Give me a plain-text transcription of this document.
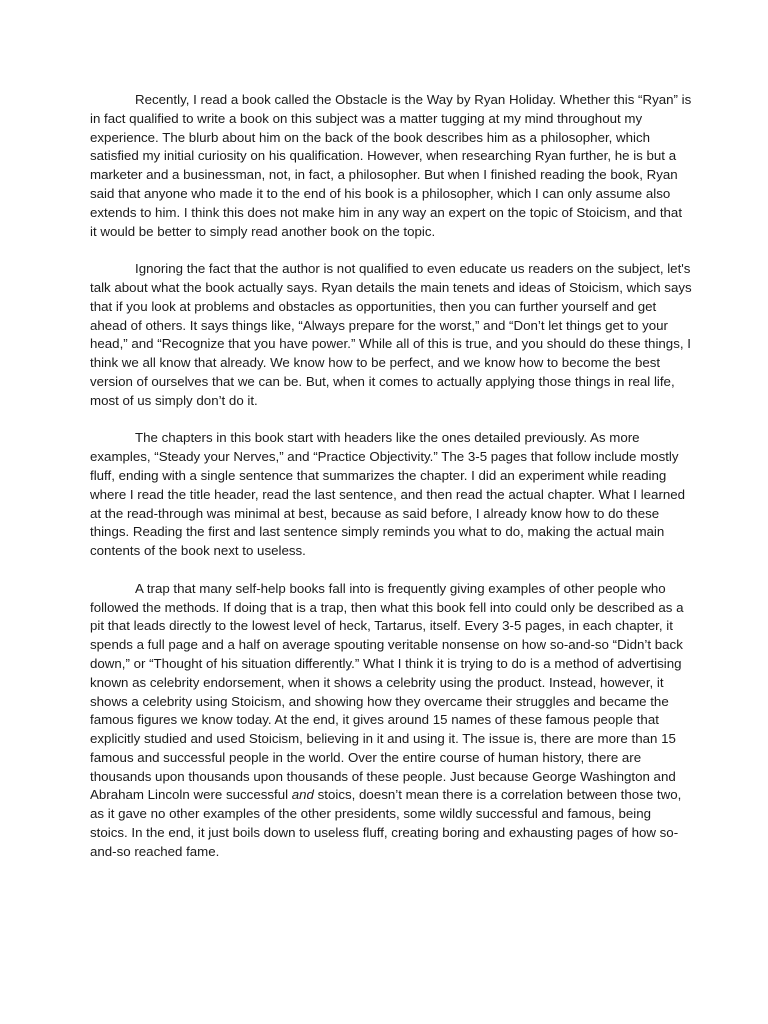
Recently, I read a book called the Obstacle is the Way by Ryan Holiday. Whether this “Ryan” is in fact qualified to write a book on this subject was a matter tugging at my mind throughout my experience. The blurb about him on the back of the book describes him as a philosopher, which satisfied my initial curiosity on his qualification. However, when researching Ryan further, he is but a marketer and a businessman, not, in fact, a philosopher. But when I finished reading the book, Ryan said that anyone who made it to the end of his book is a philosopher, which I can only assume also extends to him. I think this does not make him in any way an expert on the topic of Stoicism, and that it would be better to simply read another book on the topic.

Ignoring the fact that the author is not qualified to even educate us readers on the subject, let's talk about what the book actually says. Ryan details the main tenets and ideas of Stoicism, which says that if you look at problems and obstacles as opportunities, then you can further yourself and get ahead of others. It says things like, “Always prepare for the worst,” and “Don’t let things get to your head,” and “Recognize that you have power.” While all of this is true, and you should do these things, I think we all know that already. We know how to be perfect, and we know how to become the best version of ourselves that we can be. But, when it comes to actually applying those things in real life, most of us simply don’t do it.

The chapters in this book start with headers like the ones detailed previously. As more examples, “Steady your Nerves,” and “Practice Objectivity.” The 3-5 pages that follow include mostly fluff, ending with a single sentence that summarizes the chapter. I did an experiment while reading where I read the title header, read the last sentence, and then read the actual chapter. What I learned at the read-through was minimal at best, because as said before, I already know how to do these things. Reading the first and last sentence simply reminds you what to do, making the actual main contents of the book next to useless.

A trap that many self-help books fall into is frequently giving examples of other people who followed the methods. If doing that is a trap, then what this book fell into could only be described as a pit that leads directly to the lowest level of heck, Tartarus, itself. Every 3-5 pages, in each chapter, it spends a full page and a half on average spouting veritable nonsense on how so-and-so “Didn’t back down,” or “Thought of his situation differently.” What I think it is trying to do is a method of advertising known as celebrity endorsement, when it shows a celebrity using the product. Instead, however, it shows a celebrity using Stoicism, and showing how they overcame their struggles and became the famous figures we know today. At the end, it gives around 15 names of these famous people that explicitly studied and used Stoicism, believing in it and using it. The issue is, there are more than 15 famous and successful people in the world. Over the entire course of human history, there are thousands upon thousands upon thousands of these people. Just because George Washington and Abraham Lincoln were successful and stoics, doesn’t mean there is a correlation between those two, as it gave no other examples of the other presidents, some wildly successful and famous, being stoics. In the end, it just boils down to useless fluff, creating boring and exhausting pages of how so-and-so reached fame.
